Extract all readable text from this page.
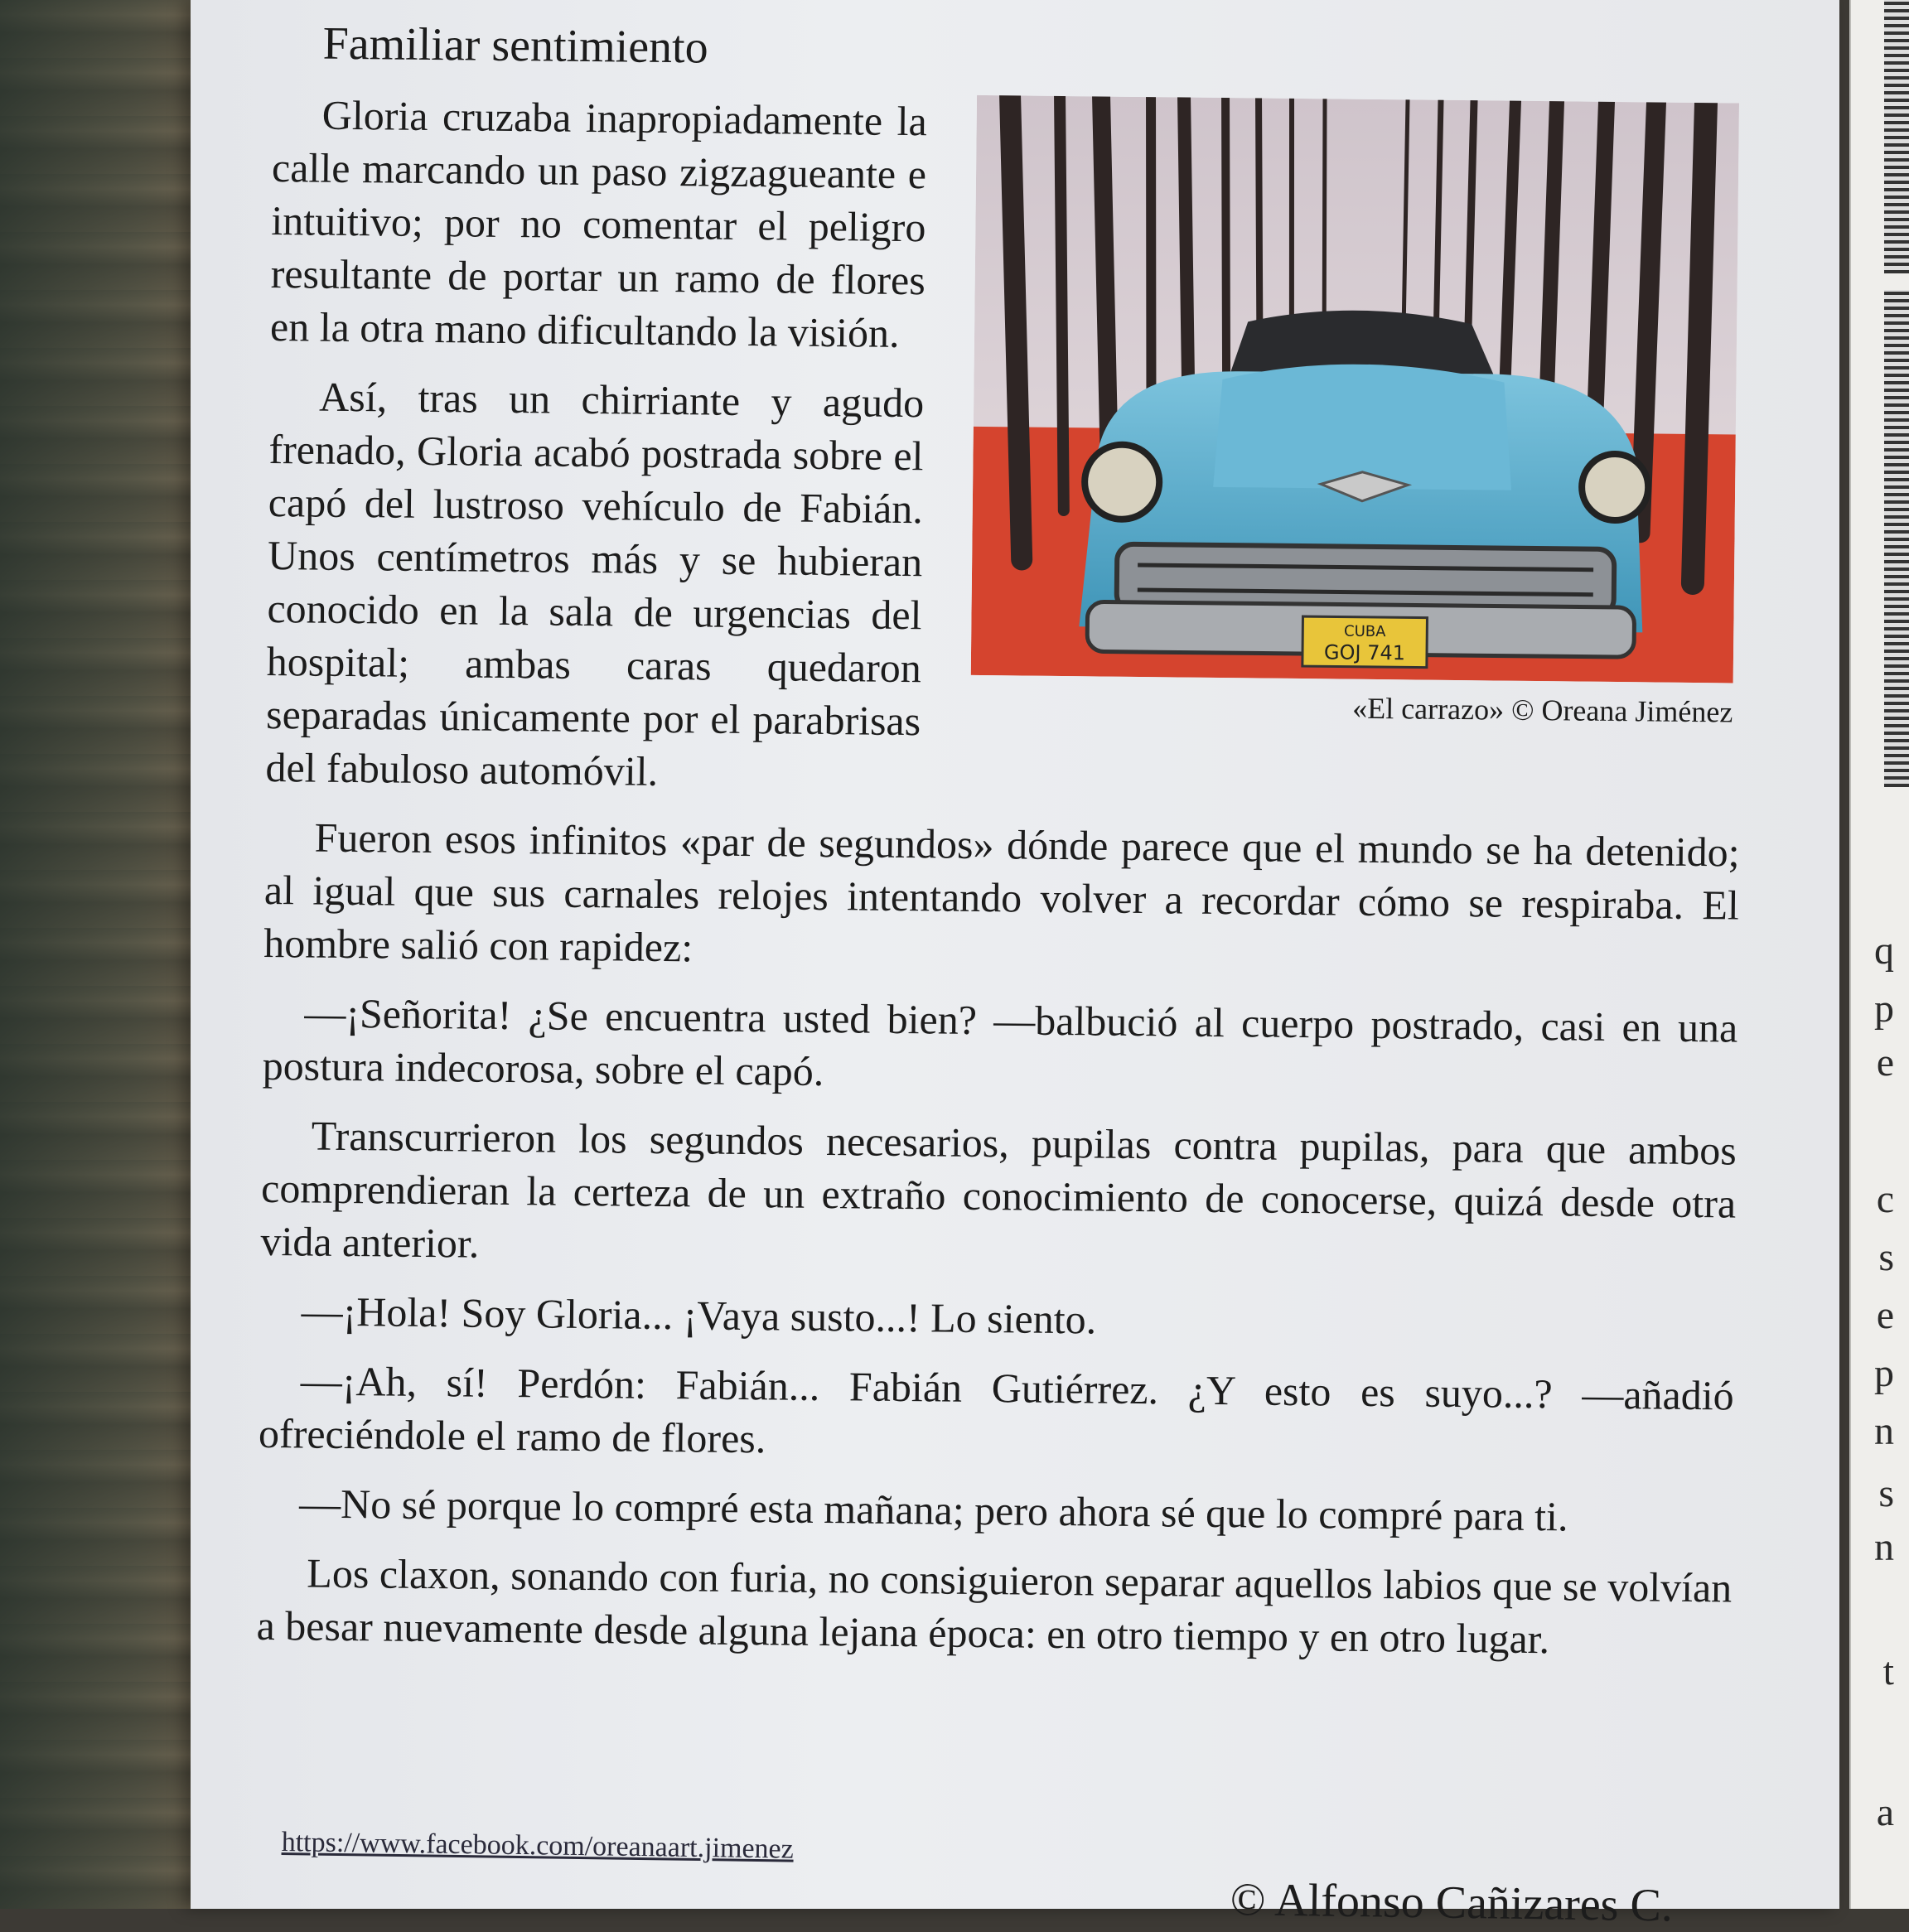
q
p
e
c
s
e
p
n
s
n
t
a
Familiar sentimiento
CUBA
GOJ 741
«El carrazo» © Oreana Jiménez

Gloria cruzaba inapropiadamente la calle marcando un paso zigzagueante e intuitivo; por no comentar el peligro resultante de portar un ramo de flores en la otra mano dificultando la visión.

Así, tras un chirriante y agudo frenado, Gloria acabó postrada sobre el capó del lustroso vehículo de Fabián. Unos centímetros más y se hubieran conocido en la sala de urgencias del hospital; ambas caras quedaron separadas únicamente por el parabrisas del fabuloso automóvil.

Fueron esos infinitos «par de segundos» dónde parece que el mundo se ha detenido; al igual que sus carnales relojes intentando volver a recordar cómo se respiraba. El hombre salió con rapidez:

—¡Señorita! ¿Se encuentra usted bien? —balbució al cuerpo postrado, casi en una postura indecorosa, sobre el capó.

Transcurrieron los segundos necesarios, pupilas contra pupilas, para que ambos comprendieran la certeza de un extraño conocimiento de conocerse, quizá desde otra vida anterior.

—¡Hola! Soy Gloria... ¡Vaya susto...! Lo siento.

—¡Ah, sí! Perdón: Fabián... Fabián Gutiérrez. ¿Y esto es suyo...? —añadió ofreciéndole el ramo de flores.

—No sé porque lo compré esta mañana; pero ahora sé que lo compré para ti.

Los claxon, sonando con furia, no consiguieron separar aquellos labios que se volvían a besar nuevamente desde alguna lejana época: en otro tiempo y en otro lugar.

https://www.facebook.com/oreanaart.jimenez
© Alfonso Cañizares C.
